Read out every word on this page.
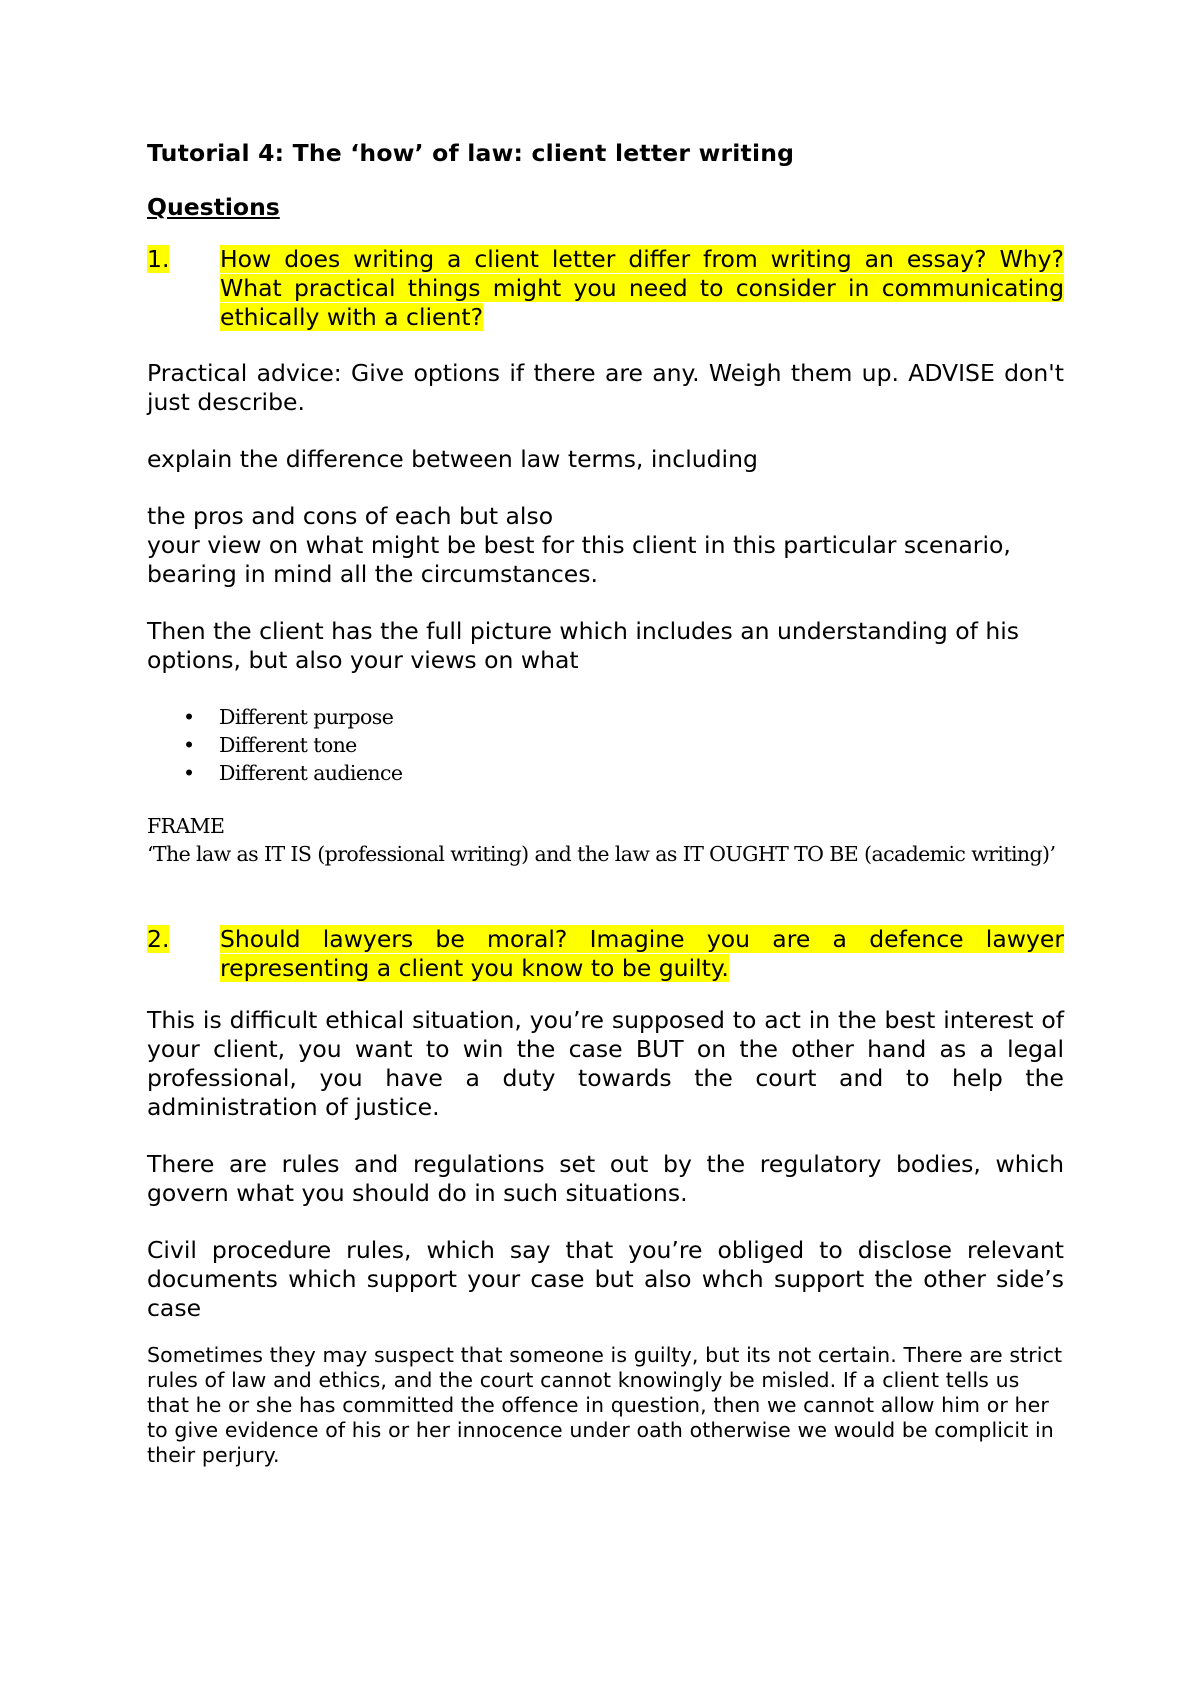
Tutorial 4: The ‘how’ of law: client letter writing
Questions
1.	How does writing a client letter differ from writing an essay? Why? What practical things might you need to consider in communicating ethically with a client?

Practical advice: Give options if there are any. Weigh them up. ADVISE don't just describe.

explain the difference between law terms, including

the pros and cons of each but also

your view on what might be best for this client in this particular scenario, bearing in mind all the circumstances.

Then the client has the full picture which includes an understanding of his options, but also your views on what

•	Different purpose
•	Different tone
•	Different audience
FRAME
‘The law as IT IS (professional writing) and the law as IT OUGHT TO BE (academic writing)’
2.	Should lawyers be moral? Imagine you are a defence lawyer representing a client you know to be guilty.

This is difficult ethical situation, you’re supposed to act in the best interest of your client, you want to win the case BUT on the other hand as a legal professional, you have a duty towards the court and to help the administration of justice.

There are rules and regulations set out by the regulatory bodies, which govern what you should do in such situations.

Civil procedure rules, which say that you’re obliged to disclose relevant documents which support your case but also whch support the other side’s case

Sometimes they may suspect that someone is guilty, but its not certain. There are strict rules of law and ethics, and the court cannot knowingly be misled. If a client tells us that he or she has committed the offence in question, then we cannot allow him or her to give evidence of his or her innocence under oath otherwise we would be complicit in their perjury.
